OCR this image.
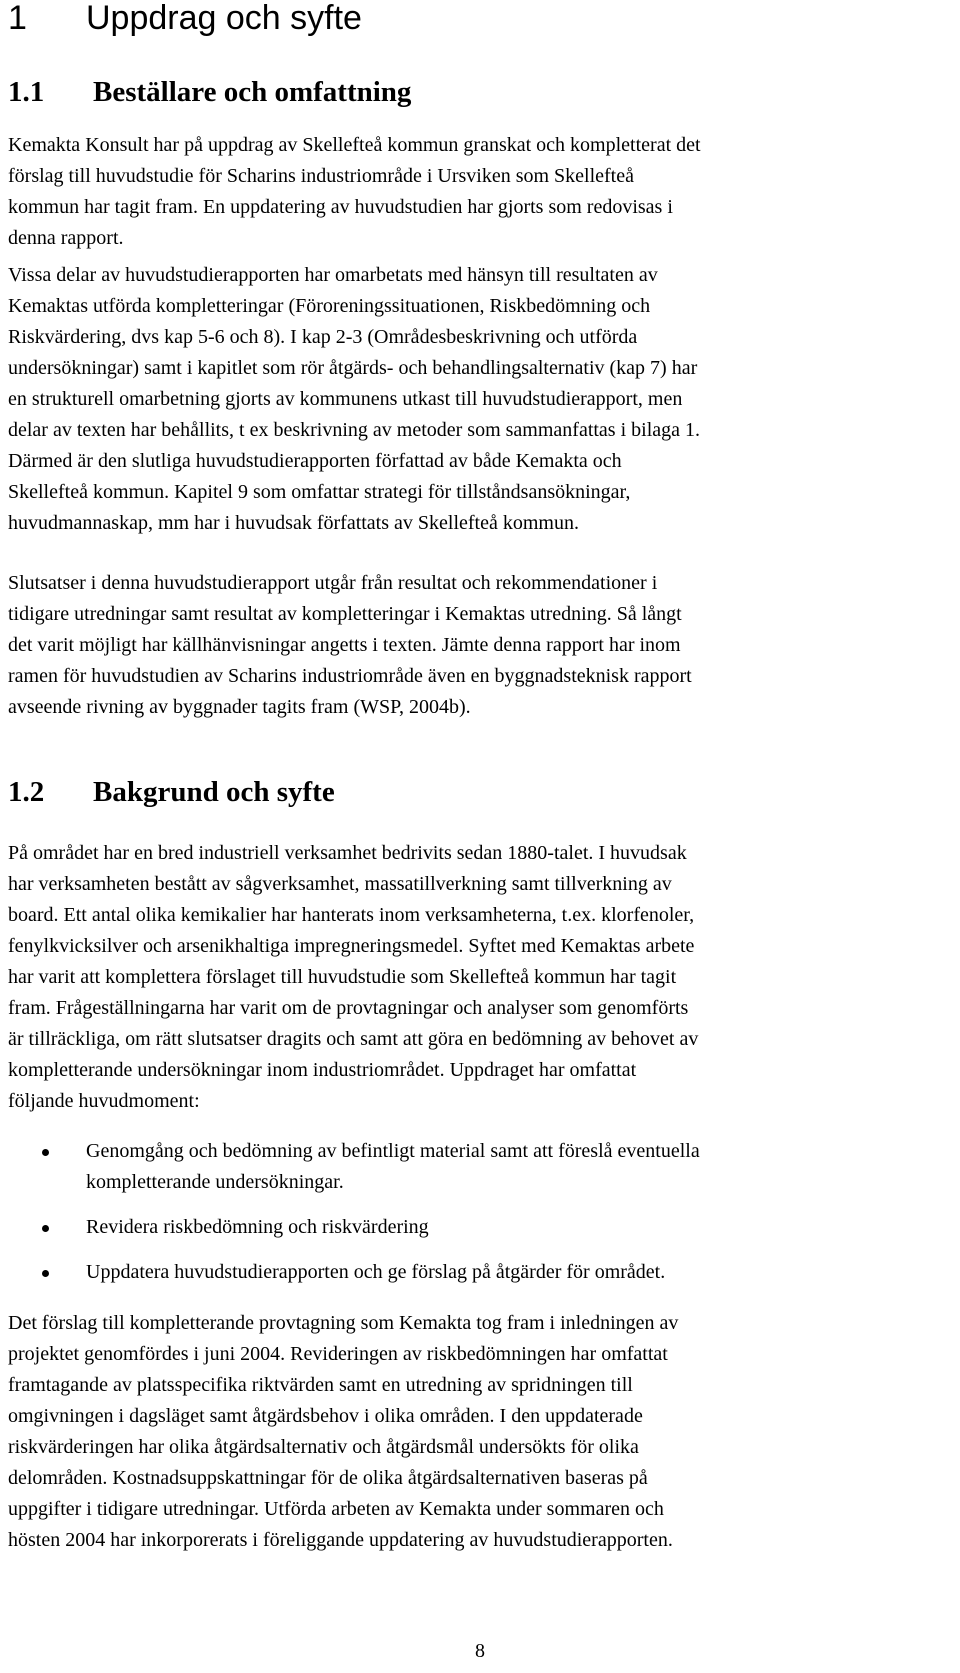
1 Uppdrag och syfte
1.1 Beställare och omfattning

Kemakta Konsult har på uppdrag av Skellefteå kommun granskat och kompletterat det
förslag till huvudstudie för Scharins industriområde i Ursviken som Skellefteå
kommun har tagit fram. En uppdatering av huvudstudien har gjorts som redovisas i
denna rapport.

Vissa delar av huvudstudierapporten har omarbetats med hänsyn till resultaten av
Kemaktas utförda kompletteringar (Föroreningssituationen, Riskbedömning och
Riskvärdering, dvs kap 5-6 och 8). I kap 2-3 (Områdesbeskrivning och utförda
undersökningar) samt i kapitlet som rör åtgärds- och behandlingsalternativ (kap 7) har
en strukturell omarbetning gjorts av kommunens utkast till huvudstudierapport, men
delar av texten har behållits, t ex beskrivning av metoder som sammanfattas i bilaga 1.
Därmed är den slutliga huvudstudierapporten författad av både Kemakta och
Skellefteå kommun. Kapitel 9 som omfattar strategi för tillståndsansökningar,
huvudmannaskap, mm har i huvudsak författats av Skellefteå kommun.

Slutsatser i denna huvudstudierapport utgår från resultat och rekommendationer i
tidigare utredningar samt resultat av kompletteringar i Kemaktas utredning. Så långt
det varit möjligt har källhänvisningar angetts i texten. Jämte denna rapport har inom
ramen för huvudstudien av Scharins industriområde även en byggnadsteknisk rapport
avseende rivning av byggnader tagits fram (WSP, 2004b).

1.2 Bakgrund och syfte

På området har en bred industriell verksamhet bedrivits sedan 1880-talet. I huvudsak
har verksamheten bestått av sågverksamhet, massatillverkning samt tillverkning av
board. Ett antal olika kemikalier har hanterats inom verksamheterna, t.ex. klorfenoler,
fenylkvicksilver och arsenikhaltiga impregneringsmedel. Syftet med Kemaktas arbete
har varit att komplettera förslaget till huvudstudie som Skellefteå kommun har tagit
fram. Frågeställningarna har varit om de provtagningar och analyser som genomförts
är tillräckliga, om rätt slutsatser dragits och samt att göra en bedömning av behovet av
kompletterande undersökningar inom industriområdet. Uppdraget har omfattat
följande huvudmoment:

Genomgång och bedömning av befintligt material samt att föreslå eventuella
kompletterande undersökningar.
Revidera riskbedömning och riskvärdering
Uppdatera huvudstudierapporten och ge förslag på åtgärder för området.

Det förslag till kompletterande provtagning som Kemakta tog fram i inledningen av
projektet genomfördes i juni 2004. Revideringen av riskbedömningen har omfattat
framtagande av platsspecifika riktvärden samt en utredning av spridningen till
omgivningen i dagsläget samt åtgärdsbehov i olika områden. I den uppdaterade
riskvärderingen har olika åtgärdsalternativ och åtgärdsmål undersökts för olika
delområden. Kostnadsuppskattningar för de olika åtgärdsalternativen baseras på
uppgifter i tidigare utredningar. Utförda arbeten av Kemakta under sommaren och
hösten 2004 har inkorporerats i föreliggande uppdatering av huvudstudierapporten.

8
